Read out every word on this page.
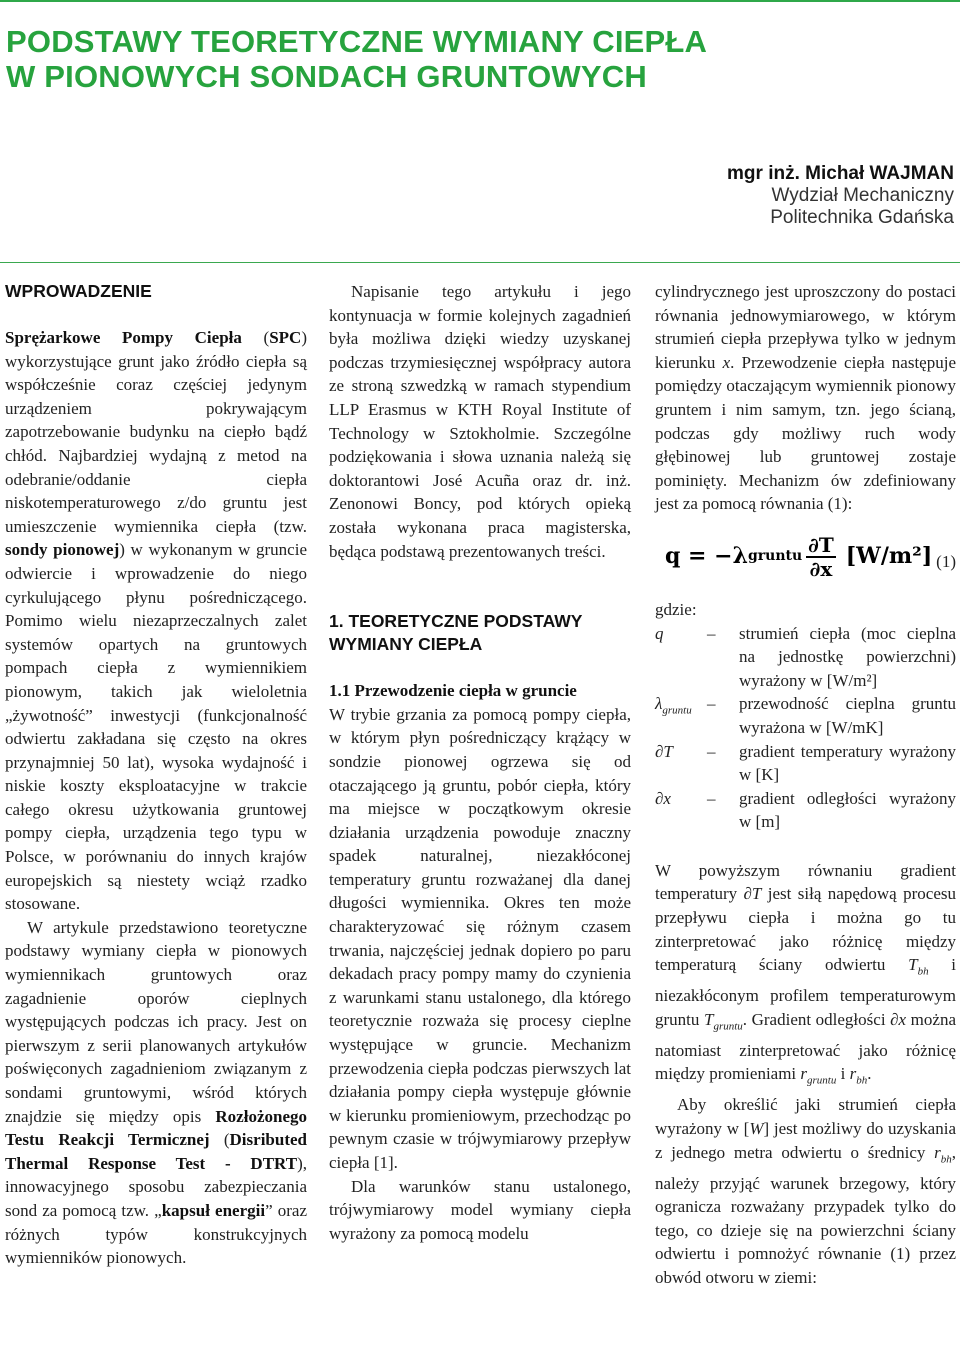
PODSTAWY TEORETYCZNE WYMIANY CIEPŁA
W PIONOWYCH SONDACH GRUNTOWYCH
mgr inż. Michał WAJMAN
Wydział Mechaniczny
Politechnika Gdańska
WPROWADZENIE

Sprężarkowe Pompy Ciepła (SPC) wykorzystujące grunt jako źródło ciepła są współcześnie coraz częściej jedynym urządzeniem pokrywającym zapotrzebowanie budynku na ciepło bądź chłód. Najbardziej wydajną z metod na odebranie/oddanie ciepła niskotemperaturowego z/do gruntu jest umieszczenie wymiennika ciepła (tzw. sondy pionowej) w wykonanym w gruncie odwiercie i wprowadzenie do niego cyrkulującego płynu pośredniczącego. Pomimo wielu niezaprzeczalnych zalet systemów opartych na gruntowych pompach ciepła z wymiennikiem pionowym, takich jak wieloletnia „żywotność” inwestycji (funkcjonalność odwiertu zakładana się często na okres przynajmniej 50 lat), wysoka wydajność i niskie koszty eksploatacyjne w trakcie całego okresu użytkowania gruntowej pompy ciepła, urządzenia tego typu w Polsce, w porównaniu do innych krajów europejskich są niestety wciąż rzadko stosowane.

W artykule przedstawiono teoretyczne podstawy wymiany ciepła w pionowych wymiennikach gruntowych oraz zagadnienie oporów cieplnych występujących podczas ich pracy. Jest on pierwszym z serii planowanych artykułów poświęconych zagadnieniom związanym z sondami gruntowymi, wśród których znajdzie się między opis Rozłożonego Testu Reakcji Termicznej (Disributed Thermal Response Test - DTRT), innowacyjnego sposobu zabezpieczania sond za pomocą tzw. „kapsuł energii” oraz różnych typów konstrukcyjnych wymienników pionowych.

Napisanie tego artykułu i jego kontynuacja w formie kolejnych zagadnień była możliwa dzięki wiedzy uzyskanej podczas trzymiesięcznej współpracy autora ze stroną szwedzką w ramach stypendium LLP Erasmus w KTH Royal Institute of Technology w Sztokholmie. Szczególne podziękowania i słowa uznania należą się doktorantowi José Acuña oraz dr. inż. Zenonowi Boncy, pod których opieką została wykonana praca magisterska, będąca podstawą prezentowanych treści.

1. TEORETYCZNE PODSTAWY WYMIANY CIEPŁA
1.1 Przewodzenie ciepła w gruncie

W trybie grzania za pomocą pompy ciepła, w którym płyn pośredniczący krążący w sondzie pionowej ogrzewa się od otaczającego ją gruntu, pobór ciepła, który ma miejsce w początkowym okresie działania urządzenia powoduje znaczny spadek naturalnej, niezakłóconej temperatury gruntu rozważanej dla danej długości wymiennika. Okres ten może charakteryzować się różnym czasem trwania, najczęściej jednak dopiero po paru dekadach pracy pompy mamy do czynienia z warunkami stanu ustalonego, dla którego teoretycznie rozważa się procesy cieplne występujące w gruncie. Mechanizm przewodzenia ciepła podczas pierwszych lat działania pompy ciepła występuje głównie w kierunku promieniowym, przechodząc po pewnym czasie w trójwymiarowy przepływ ciepła [1].

Dla warunków stanu ustalonego, trójwymiarowy model wymiany ciepła wyrażony za pomocą modelu

cylindrycznego jest uproszczony do postaci równania jednowymiarowego, w którym strumień ciepła przepływa tylko w jednym kierunku x. Przewodzenie ciepła następuje pomiędzy otaczającym wymiennik pionowy gruntem i nim samym, tzn. jego ścianą, podczas gdy możliwy ruch wody głębinowej lub gruntowej zostaje pominięty. Mechanizm ów zdefiniowany jest za pomocą równania (1):

q = −λ gruntu $\frac{\partial T}{\partial x} [W/m^2]$ (1)
gdzie:
q	–	strumień ciepła (moc cieplna na jednostkę powierzchni) wyrażony w [W/m²]
$\lambda_{gruntu}$ –	przewodność cieplna gruntu wyrażona w [W/mK]
∂T	–	gradient temperatury wyrażony w [K]
∂x	–	gradient odległości wyrażony w [m]

W powyższym równaniu gradient temperatury ∂T jest siłą napędową procesu przepływu ciepła i można go tu zinterpretować jako różnicę między temperaturą ściany odwiertu $T_{bh}$ i niezakłóconym profilem temperaturowym gruntu $T_{gruntu}$. Gradient odległości ∂x można natomiast zinterpretować jako różnicę między promieniami $r_{gruntu}$ i $r_{bh}$.

Aby określić jaki strumień ciepła wyrażony w [W] jest możliwy do uzyskania z jednego metra odwiertu o średnicy $r_{bh}$, należy przyjąć warunek brzegowy, który ogranicza rozważany przypadek tylko do tego, co dzieje się na powierzchni ściany odwiertu i pomnożyć równanie (1) przez obwód otworu w ziemi:
